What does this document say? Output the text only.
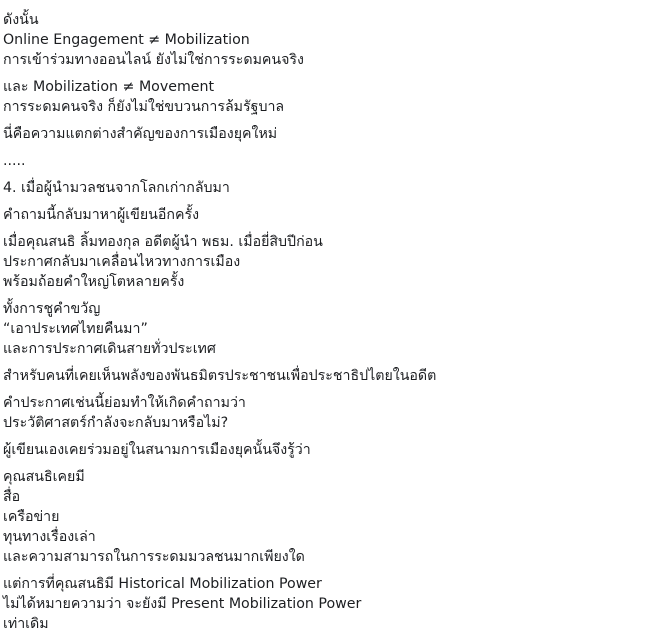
ดังนั้น
Online Engagement ≠ Mobilization
การเข้าร่วมทางออนไลน์ ยังไม่ใช่การระดมคนจริง
และ Mobilization ≠ Movement
การระดมคนจริง ก็ยังไม่ใช่ขบวนการล้มรัฐบาล
นี่คือความแตกต่างสำคัญของการเมืองยุคใหม่
.....
4. เมื่อผู้นำมวลชนจากโลกเก่ากลับมา
คำถามนี้กลับมาหาผู้เขียนอีกครั้ง
เมื่อคุณสนธิ ลิ้มทองกุล อดีตผู้นำ พธม. เมื่อยี่สิบปีก่อน
ประกาศกลับมาเคลื่อนไหวทางการเมือง
พร้อมถ้อยคำใหญ่โตหลายครั้ง
ทั้งการชูคำขวัญ
“เอาประเทศไทยคืนมา”
และการประกาศเดินสายทั่วประเทศ
สำหรับคนที่เคยเห็นพลังของพันธมิตรประชาชนเพื่อประชาธิปไตยในอดีต
คำประกาศเช่นนี้ย่อมทำให้เกิดคำถามว่า
ประวัติศาสตร์กำลังจะกลับมาหรือไม่?
ผู้เขียนเองเคยร่วมอยู่ในสนามการเมืองยุคนั้นจึงรู้ว่า
คุณสนธิเคยมี
สื่อ
เครือข่าย
ทุนทางเรื่องเล่า
และความสามารถในการระดมมวลชนมากเพียงใด
แต่การที่คุณสนธิมี Historical Mobilization Power
ไม่ได้หมายความว่า จะยังมี Present Mobilization Power
เท่าเดิม
